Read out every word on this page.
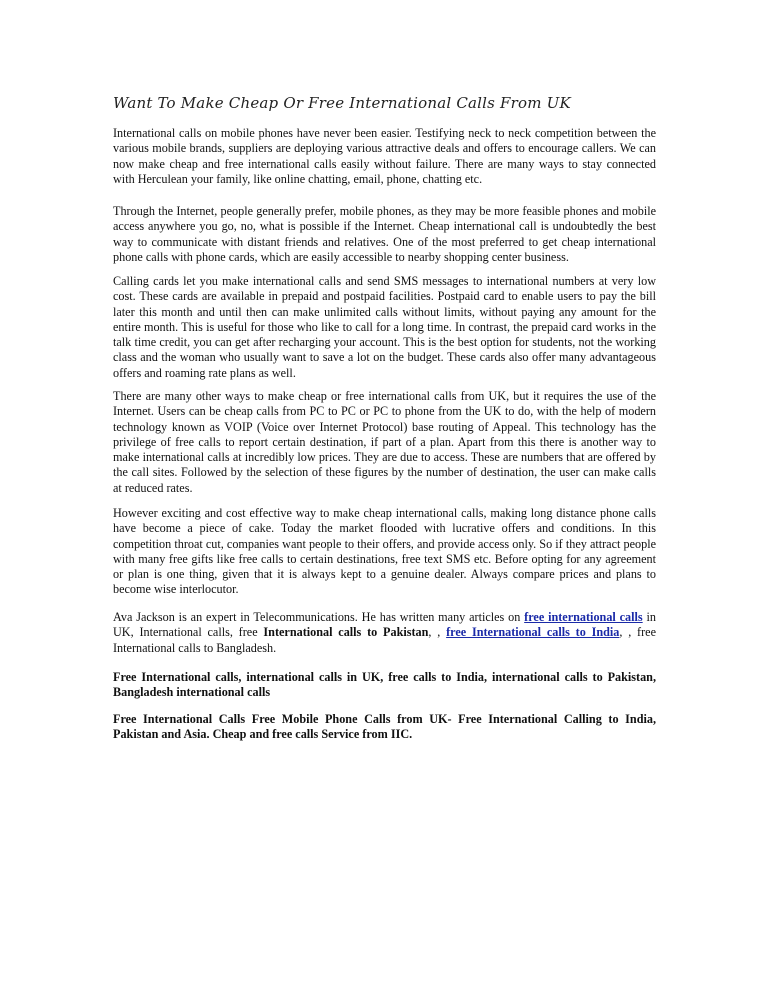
Want To Make Cheap Or Free International Calls From UK

International calls on mobile phones have never been easier. Testifying neck to neck competition between the various mobile brands, suppliers are deploying various attractive deals and offers to encourage callers. We can now make cheap and free international calls easily without failure. There are many ways to stay connected with Herculean your family, like online chatting, email, phone, chatting etc.

Through the Internet, people generally prefer, mobile phones, as they may be more feasible phones and mobile access anywhere you go, no, what is possible if the Internet. Cheap international call is undoubtedly the best way to communicate with distant friends and relatives. One of the most preferred to get cheap international phone calls with phone cards, which are easily accessible to nearby shopping center business.

Calling cards let you make international calls and send SMS messages to international numbers at very low cost. These cards are available in prepaid and postpaid facilities. Postpaid card to enable users to pay the bill later this month and until then can make unlimited calls without limits, without paying any amount for the entire month. This is useful for those who like to call for a long time. In contrast, the prepaid card works in the talk time credit, you can get after recharging your account. This is the best option for students, not the working class and the woman who usually want to save a lot on the budget. These cards also offer many advantageous offers and roaming rate plans as well.

There are many other ways to make cheap or free international calls from UK, but it requires the use of the Internet. Users can be cheap calls from PC to PC or PC to phone from the UK to do, with the help of modern technology known as VOIP (Voice over Internet Protocol) base routing of Appeal. This technology has the privilege of free calls to report certain destination, if part of a plan. Apart from this there is another way to make international calls at incredibly low prices. They are due to access. These are numbers that are offered by the call sites. Followed by the selection of these figures by the number of destination, the user can make calls at reduced rates.

However exciting and cost effective way to make cheap international calls, making long distance phone calls have become a piece of cake. Today the market flooded with lucrative offers and conditions. In this competition throat cut, companies want people to their offers, and provide access only. So if they attract people with many free gifts like free calls to certain destinations, free text SMS etc. Before opting for any agreement or plan is one thing, given that it is always kept to a genuine dealer. Always compare prices and plans to become wise interlocutor.

Ava Jackson is an expert in Telecommunications. He has written many articles on free international calls in UK, International calls, free International calls to Pakistan, , free International calls to India, , free International calls to Bangladesh.

Free International calls, international calls in UK, free calls to India, international calls to Pakistan, Bangladesh international calls

Free International Calls Free Mobile Phone Calls from UK- Free International Calling to India, Pakistan and Asia. Cheap and free calls Service from IIC.
